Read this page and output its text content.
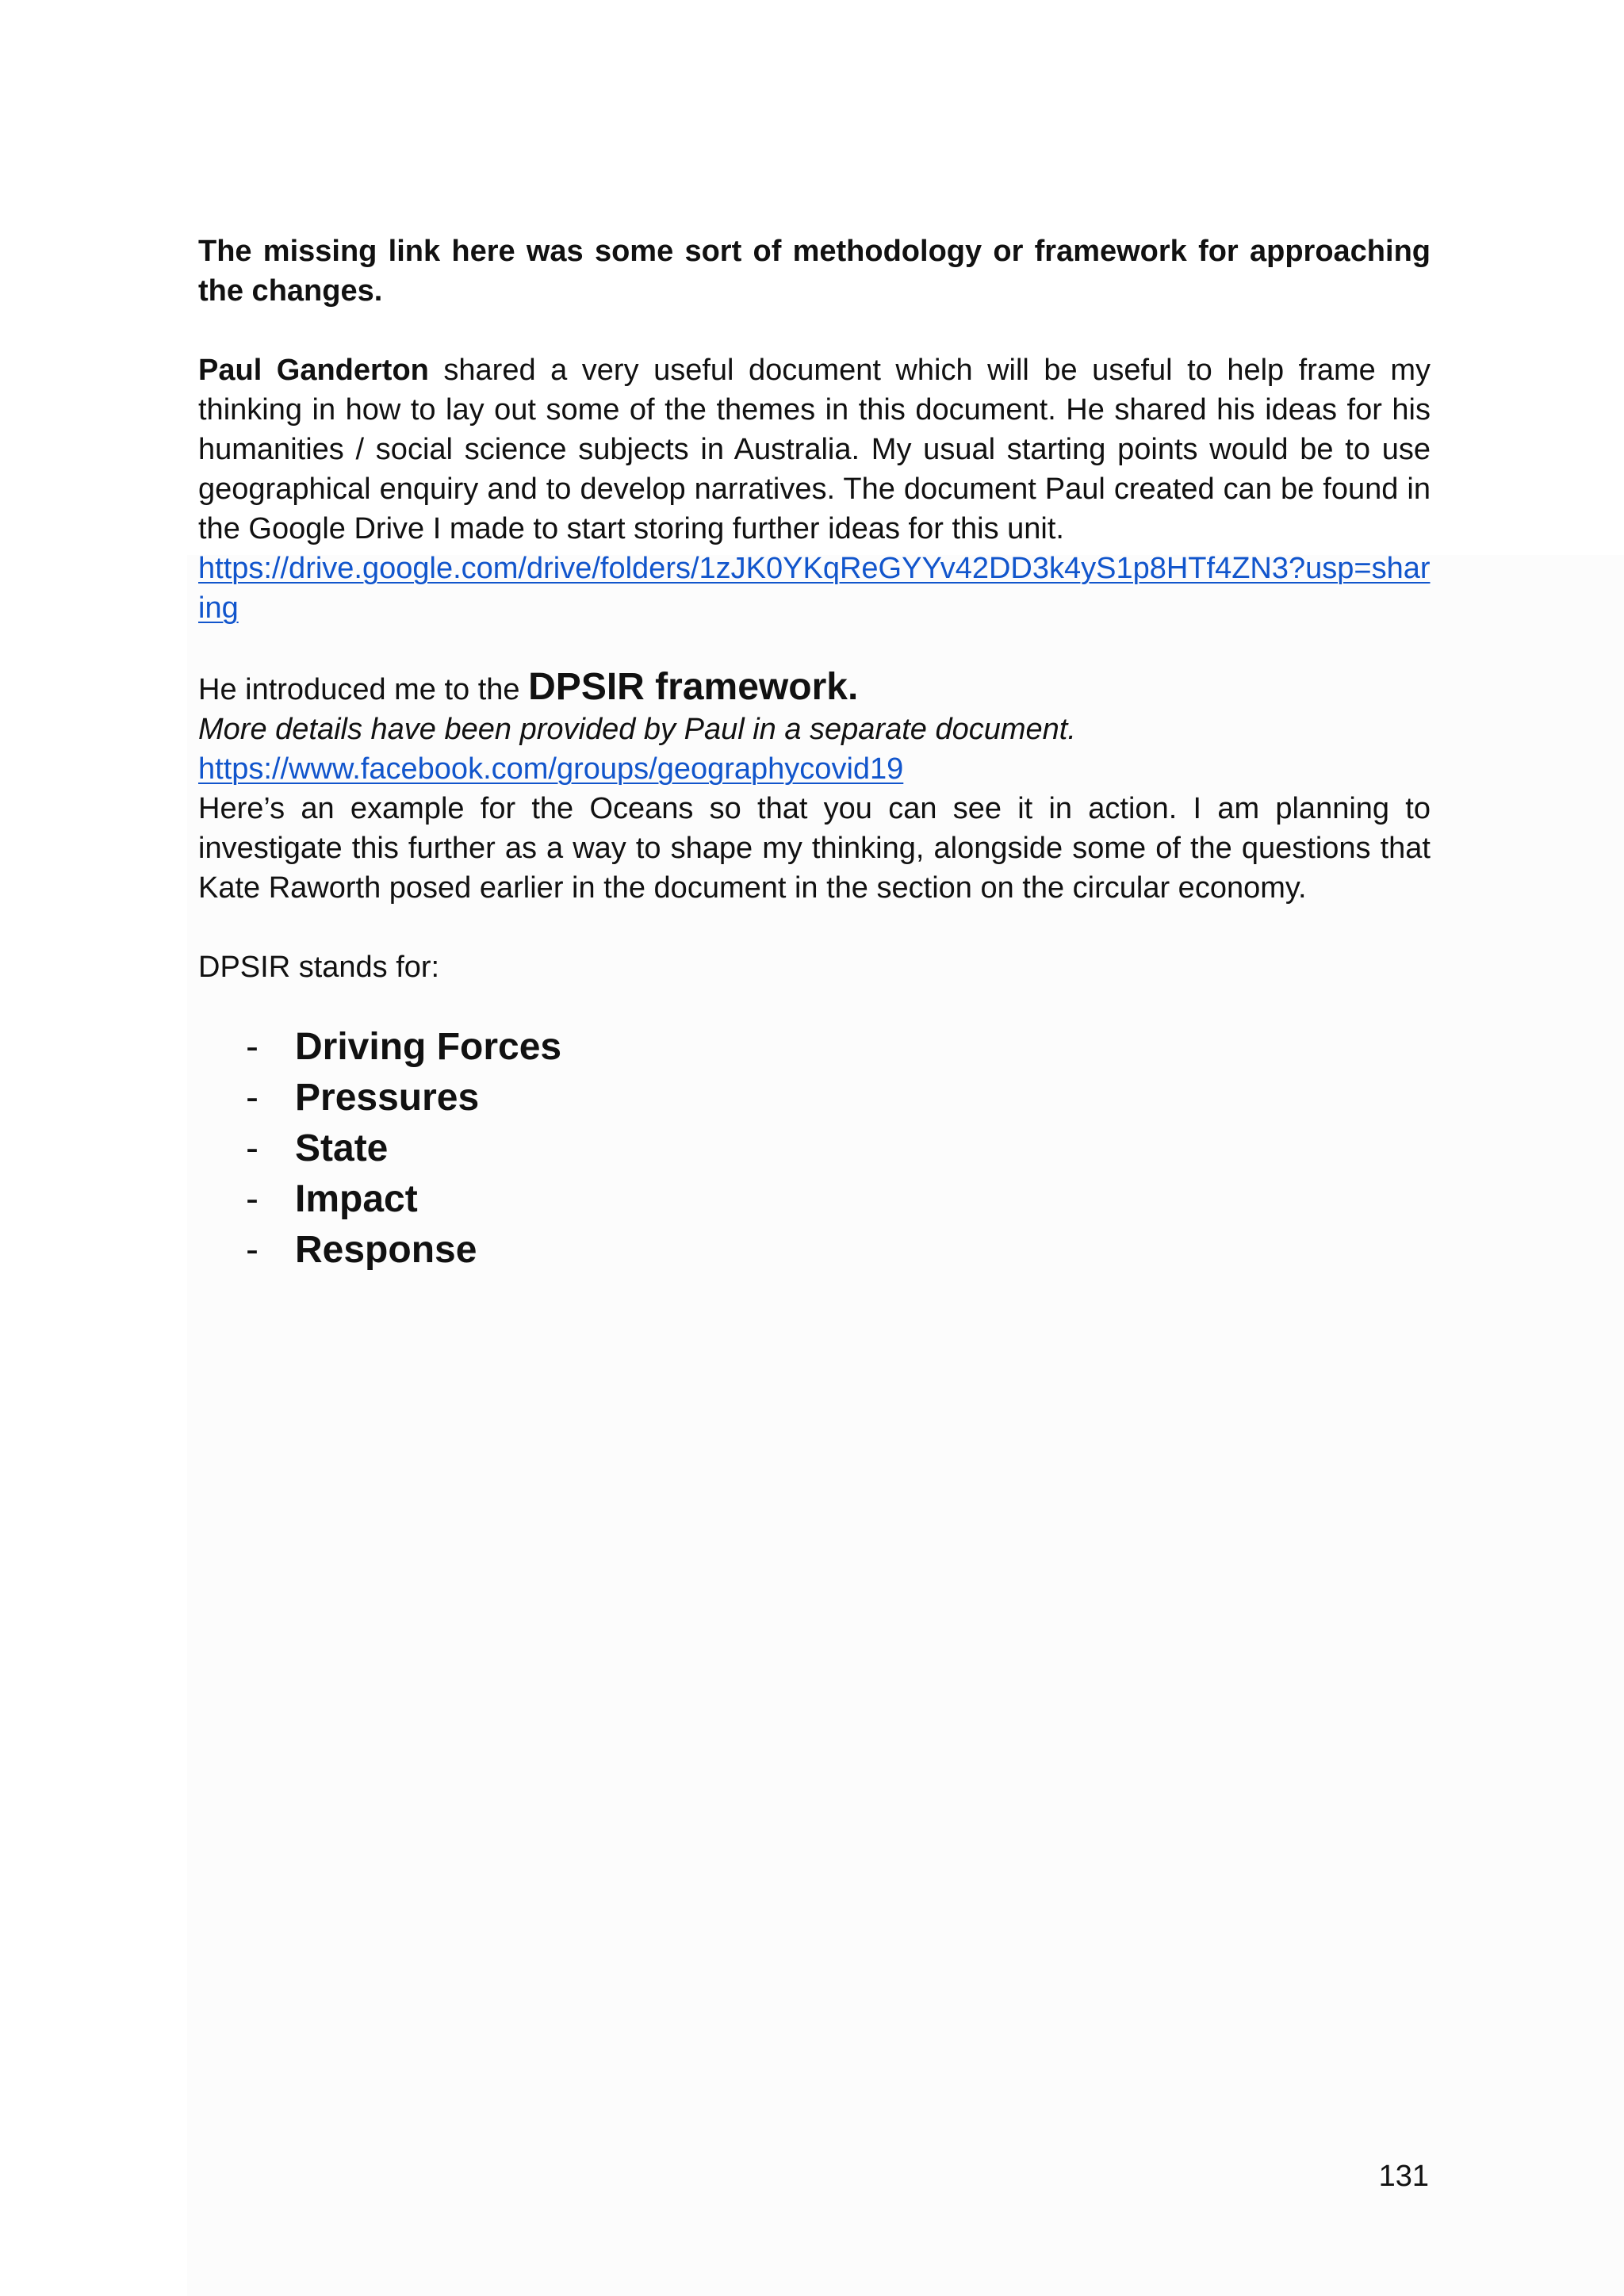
The missing link here was some sort of methodology or framework for approaching the changes.

Paul Ganderton shared a very useful document which will be useful to help frame my thinking in how to lay out some of the themes in this document. He shared his ideas for his humanities / social science subjects in Australia. My usual starting points would be to use geographical enquiry and to develop narratives. The document Paul created can be found in the Google Drive I made to start storing further ideas for this unit.

https://drive.google.com/drive/folders/1zJK0YKqReGYYv42DD3k4yS1p8HTf4ZN3?usp=sharing

He introduced me to the DPSIR framework.

More details have been provided by Paul in a separate document.

https://www.facebook.com/groups/geographycovid19

Here’s an example for the Oceans so that you can see it in action. I am planning to investigate this further as a way to shape my thinking, alongside some of the questions that Kate Raworth posed earlier in the document in the section on the circular economy.

DPSIR stands for:

- Driving Forces
- Pressures
- State
- Impact
- Response
131
